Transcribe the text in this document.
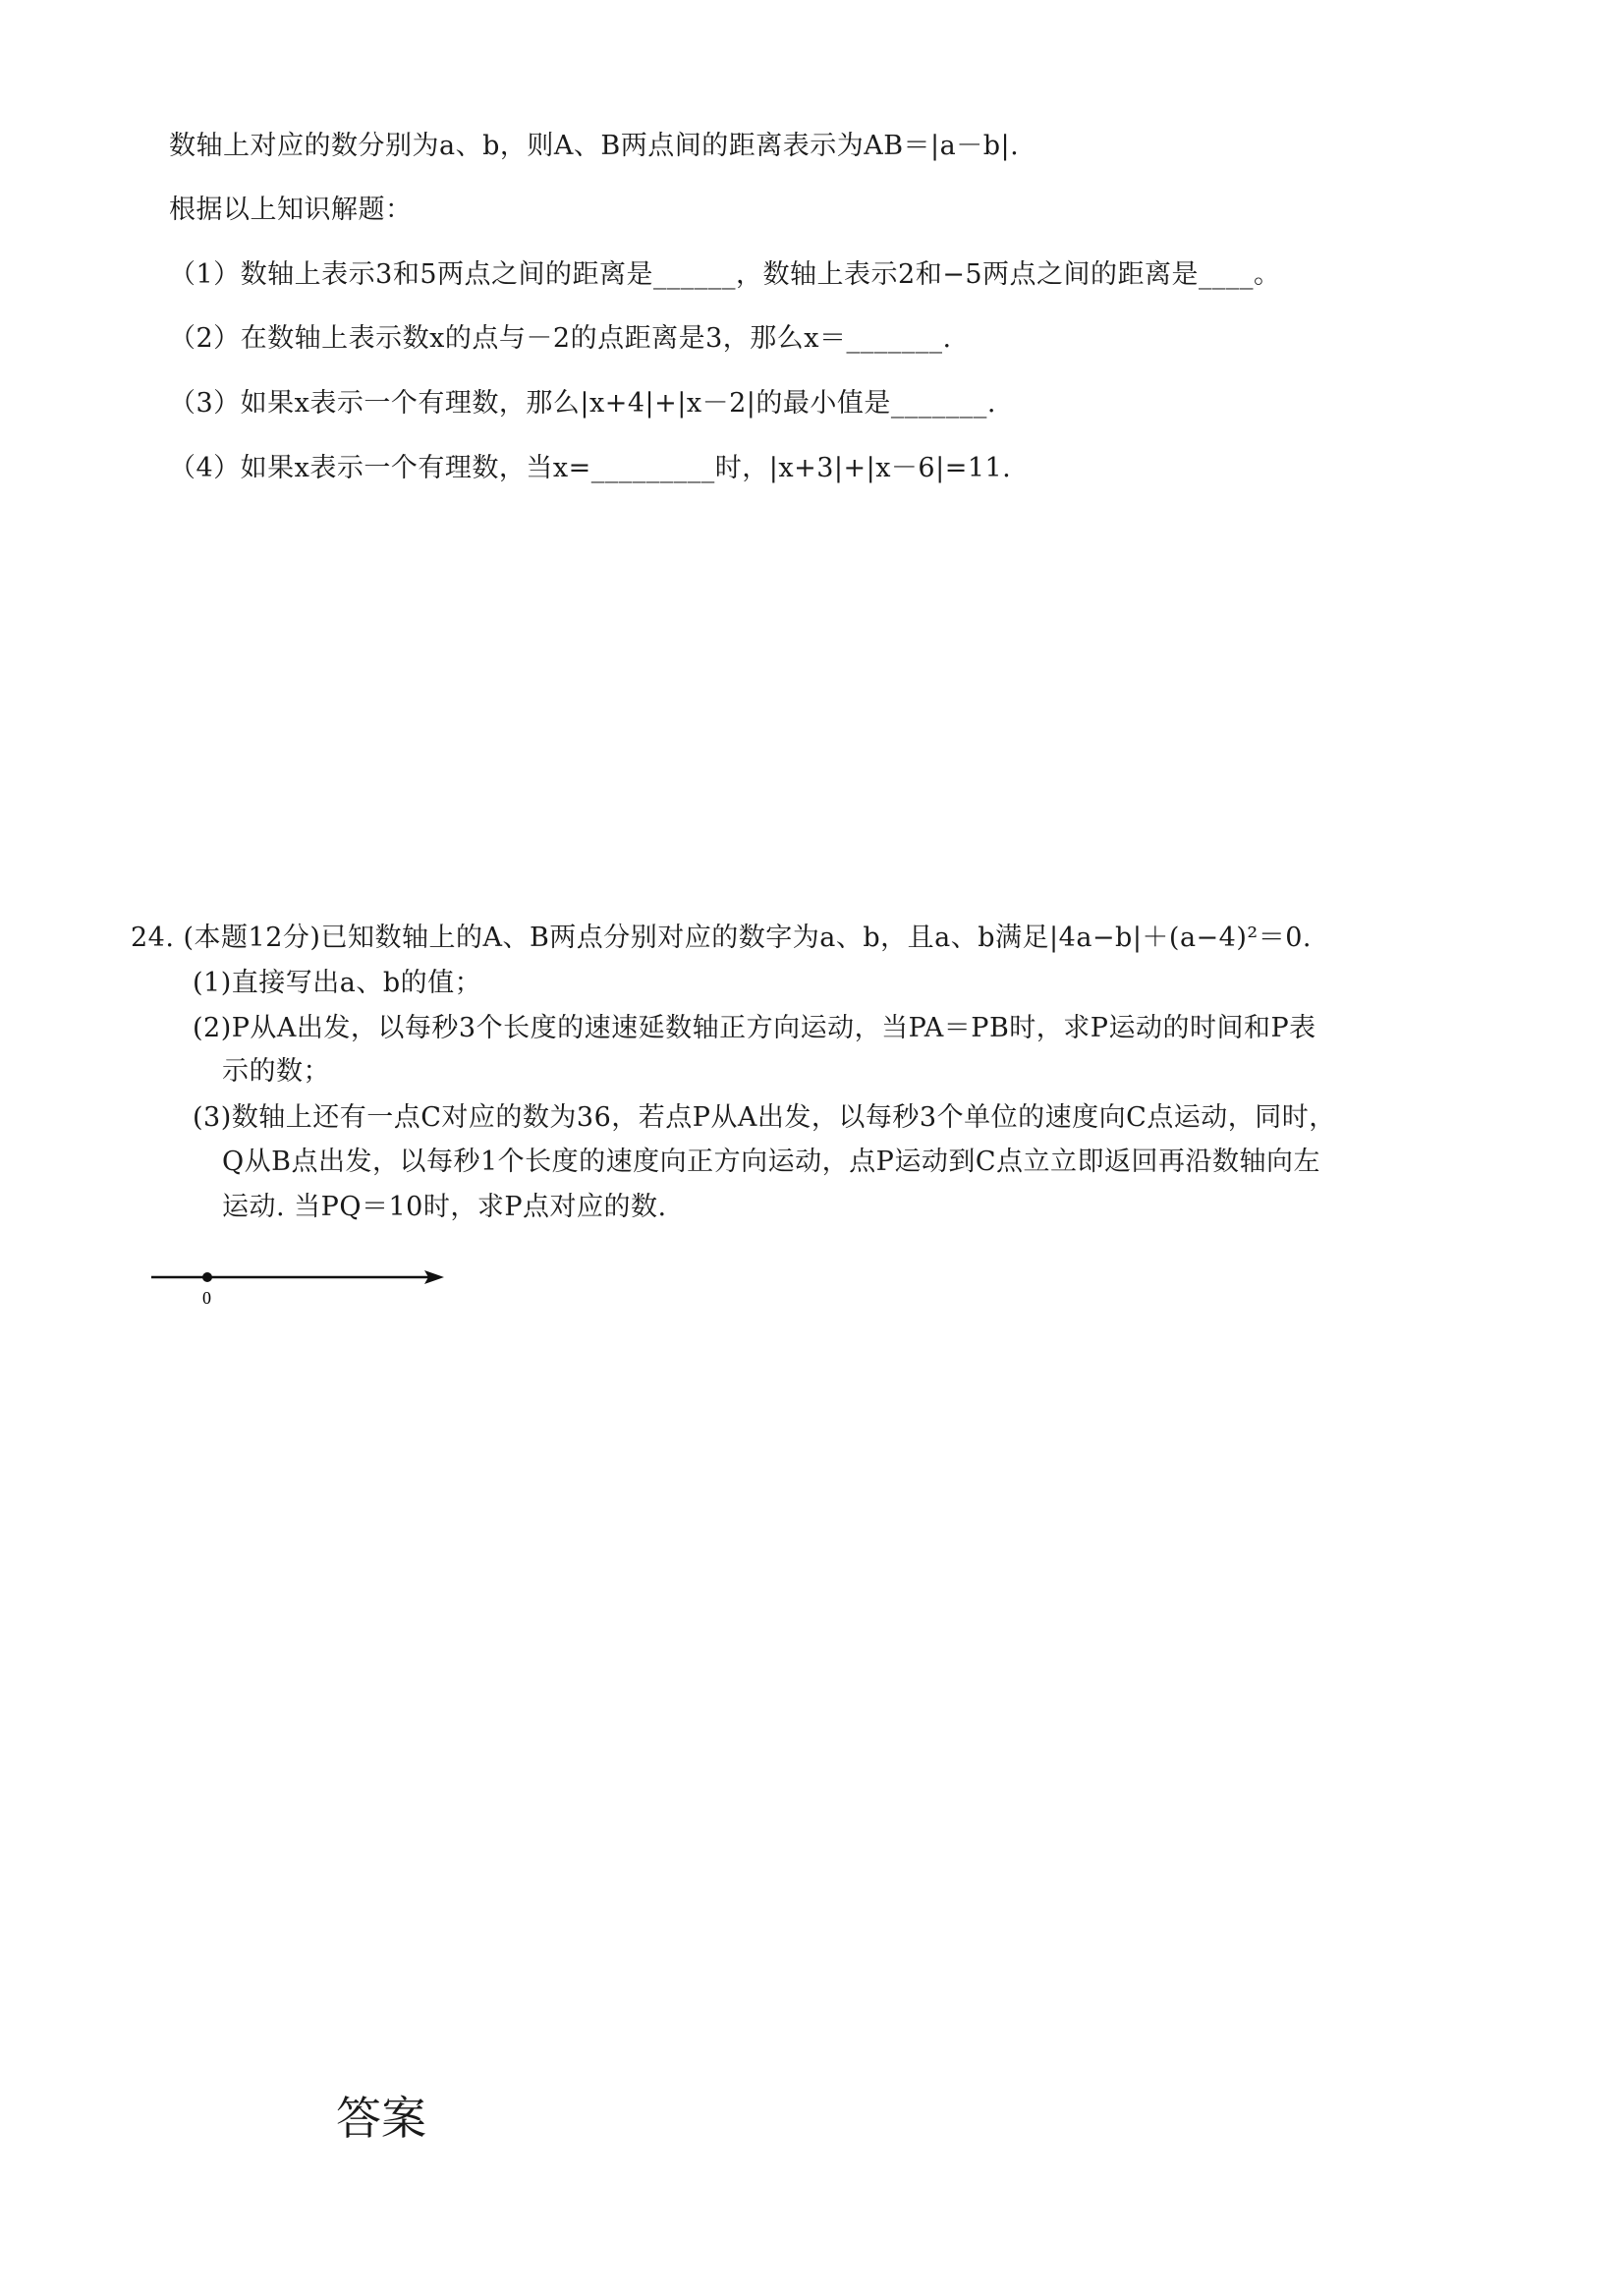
数轴上对应的数分别为a、b，则A、B两点间的距离表示为AB＝|a－b|.
根据以上知识解题：
（1）数轴上表示3和5两点之间的距离是______，数轴上表示2和−5两点之间的距离是____。
（2）在数轴上表示数x的点与－2的点距离是3，那么x＝_______.
（3）如果x表示一个有理数，那么|x+4|+|x－2|的最小值是_______.
（4）如果x表示一个有理数，当x=_________时，|x+3|+|x－6|=11.
24. (本题12分)已知数轴上的A、B两点分别对应的数字为a、b，且a、b满足|4a−b|＋(a−4)²＝0.
(1)直接写出a、b的值；
(2)P从A出发，以每秒3个长度的速速延数轴正方向运动，当PA＝PB时，求P运动的时间和P表
示的数；
(3)数轴上还有一点C对应的数为36，若点P从A出发，以每秒3个单位的速度向C点运动，同时，
Q从B点出发，以每秒1个长度的速度向正方向运动，点P运动到C点立立即返回再沿数轴向左
运动. 当PQ＝10时，求P点对应的数.
0
答案
